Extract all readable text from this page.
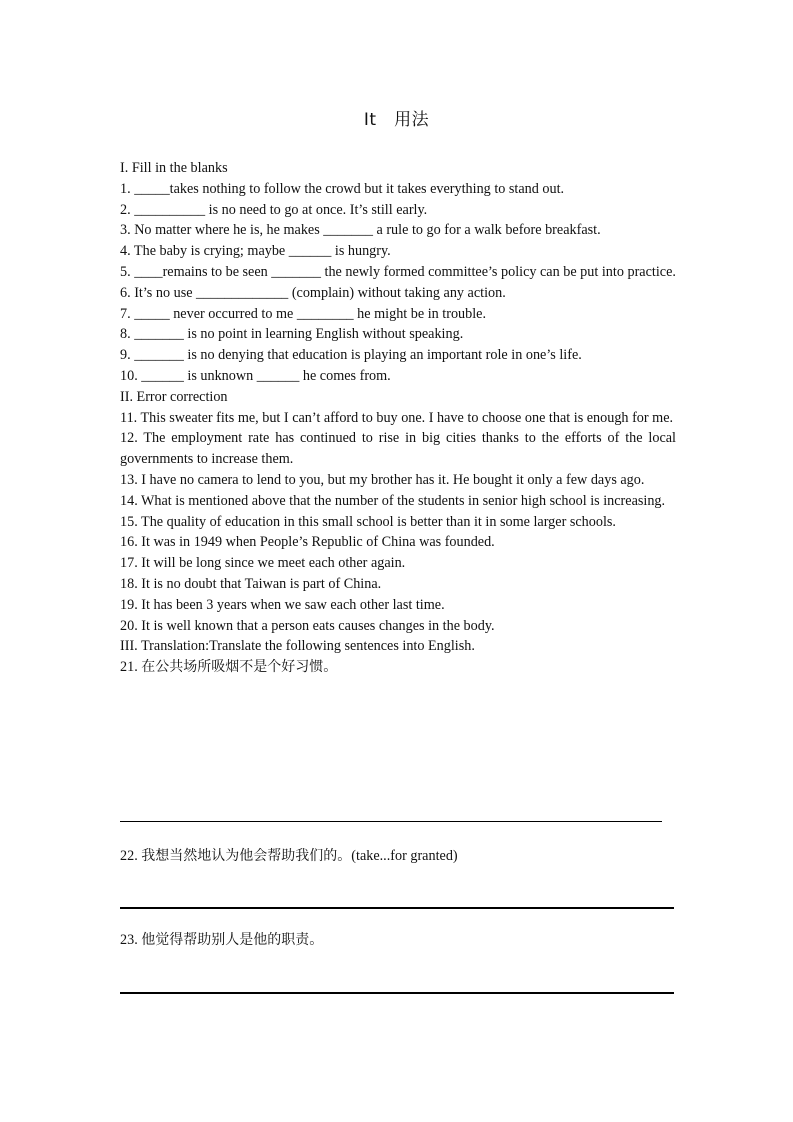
It　用法
I. Fill in the blanks
1. _____takes nothing to follow the crowd but it takes everything to stand out.
2. __________ is no need to go at once. It’s still early.
3. No matter where he is, he makes _______ a rule to go for a walk before breakfast.
4. The baby is crying; maybe ______ is hungry.
5. ____remains to be seen _______ the newly formed committee’s policy can be put into practice.
6. It’s no use _____________ (complain) without taking any action.
7. _____ never occurred to me ________ he might be in trouble.
8. _______ is no point in learning English without speaking.
9. _______ is no denying that education is playing an important role in one’s life.
10. ______ is unknown ______ he comes from.
II. Error correction
11. This sweater fits me, but I can’t afford to buy one. I have to choose one that is enough for me.
12. The employment rate has continued to rise in big cities thanks to the efforts of the local governments to increase them.
13. I have no camera to lend to you, but my brother has it. He bought it only a few days ago.
14. What is mentioned above that the number of the students in senior high school is increasing.
15. The quality of education in this small school is better than it in some larger schools.
16. It was in 1949 when People’s Republic of China was founded.
17. It will be long since we meet each other again.
18. It is no doubt that Taiwan is part of China.
19. It has been 3 years when we saw each other last time.
20. It is well known that a person eats causes changes in the body.
III. Translation:Translate the following sentences into English.
21. 在公共场所吸烟不是个好习惯。
22. 我想当然地认为他会帮助我们的。(take...for granted)
23. 他觉得帮助别人是他的职责。
